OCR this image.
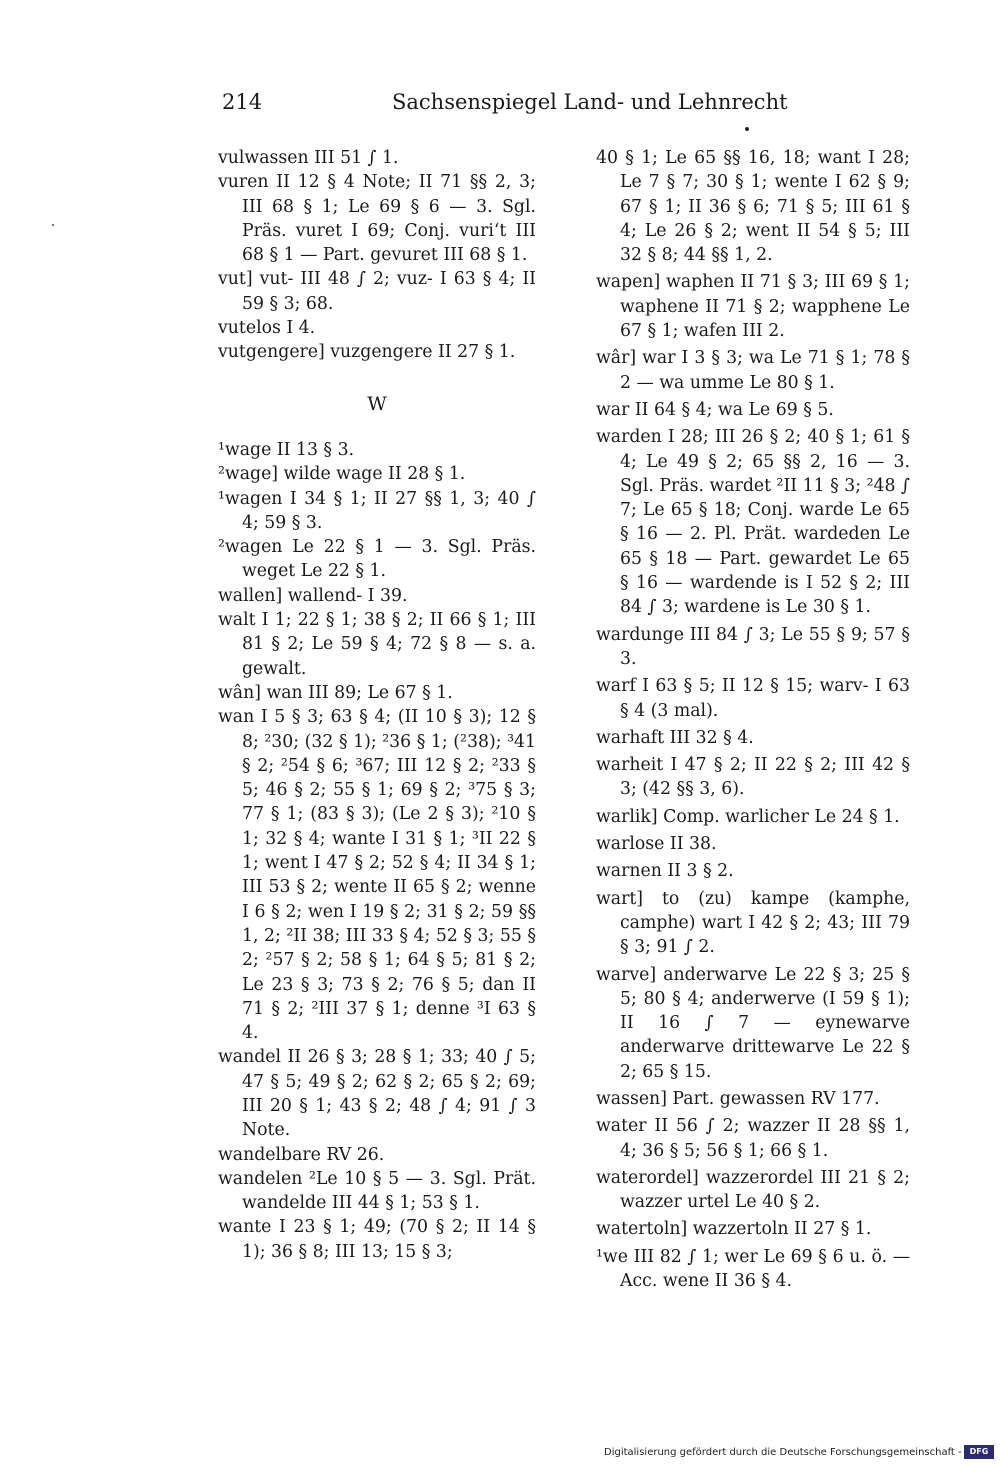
214	Sachsenspiegel Land- und Lehnrecht
vulwassen III 51 ∫ 1.
vuren II 12 § 4 Note; II 71 §§ 2, 3; III 68 § 1; Le 69 § 6 — 3. Sgl. Präs. vuret I 69; Conj. vuri‘t III 68 § 1 — Part. gevuret III 68 § 1.
vut] vut- III 48 ∫ 2; vuz- I 63 § 4; II 59 § 3; 68.
vutelos I 4.
vutgengere] vuzgengere II 27 § 1.
W
¹wage II 13 § 3.
²wage] wilde wage II 28 § 1.
¹wagen I 34 § 1; II 27 §§ 1, 3; 40 ∫ 4; 59 § 3.
²wagen Le 22 § 1 — 3. Sgl. Präs. weget Le 22 § 1.
wallen] wallend- I 39.
walt I 1; 22 § 1; 38 § 2; II 66 § 1; III 81 § 2; Le 59 § 4; 72 § 8 — s. a. gewalt.
wân] wan III 89; Le 67 § 1.
wan I 5 § 3; 63 § 4; (II 10 § 3); 12 § 8; ²30; (32 § 1); ²36 § 1; (²38); ³41 § 2; ²54 § 6; ³67; III 12 § 2; ²33 § 5; 46 § 2; 55 § 1; 69 § 2; ³75 § 3; 77 § 1; (83 § 3); (Le 2 § 3); ²10 § 1; 32 § 4; wante I 31 § 1; ³II 22 § 1; went I 47 § 2; 52 § 4; II 34 § 1; III 53 § 2; wente II 65 § 2; wenne I 6 § 2; wen I 19 § 2; 31 § 2; 59 §§ 1, 2; ²II 38; III 33 § 4; 52 § 3; 55 § 2; ²57 § 2; 58 § 1; 64 § 5; 81 § 2; Le 23 § 3; 73 § 2; 76 § 5; dan II 71 § 2; ²III 37 § 1; denne ³I 63 § 4.
wandel II 26 § 3; 28 § 1; 33; 40 ∫ 5; 47 § 5; 49 § 2; 62 § 2; 65 § 2; 69; III 20 § 1; 43 § 2; 48 ∫ 4; 91 ∫ 3 Note.
wandelbare RV 26.
wandelen ²Le 10 § 5 — 3. Sgl. Prät. wandelde III 44 § 1; 53 § 1.
wante I 23 § 1; 49; (70 § 2; II 14 § 1); 36 § 8; III 13; 15 § 3;
40 § 1; Le 65 §§ 16, 18; want I 28; Le 7 § 7; 30 § 1; wente I 62 § 9; 67 § 1; II 36 § 6; 71 § 5; III 61 § 4; Le 26 § 2; went II 54 § 5; III 32 § 8; 44 §§ 1, 2.
wapen] waphen II 71 § 3; III 69 § 1; waphene II 71 § 2; wapphene Le 67 § 1; wafen III 2.
wâr] war I 3 § 3; wa Le 71 § 1; 78 § 2 — wa umme Le 80 § 1.
war II 64 § 4; wa Le 69 § 5.
warden I 28; III 26 § 2; 40 § 1; 61 § 4; Le 49 § 2; 65 §§ 2, 16 — 3. Sgl. Präs. wardet ²II 11 § 3; ²48 ∫ 7; Le 65 § 18; Conj. warde Le 65 § 16 — 2. Pl. Prät. wardeden Le 65 § 18 — Part. gewardet Le 65 § 16 — wardende is I 52 § 2; III 84 ∫ 3; wardene is Le 30 § 1.
wardunge III 84 ∫ 3; Le 55 § 9; 57 § 3.
warf I 63 § 5; II 12 § 15; warv- I 63 § 4 (3 mal).
warhaft III 32 § 4.
warheit I 47 § 2; II 22 § 2; III 42 § 3; (42 §§ 3, 6).
warlik] Comp. warlicher Le 24 § 1.
warlose II 38.
warnen II 3 § 2.
wart] to (zu) kampe (kamphe, camphe) wart I 42 § 2; 43; III 79 § 3; 91 ∫ 2.
warve] anderwarve Le 22 § 3; 25 § 5; 80 § 4; anderwerve (I 59 § 1); II 16 ∫ 7 — eynewarve anderwarve drittewarve Le 22 § 2; 65 § 15.
wassen] Part. gewassen RV 177.
water II 56 ∫ 2; wazzer II 28 §§ 1, 4; 36 § 5; 56 § 1; 66 § 1.
waterordel] wazzerordel III 21 § 2; wazzer urtel Le 40 § 2.
watertoln] wazzertoln II 27 § 1.
¹we III 82 ∫ 1; wer Le 69 § 6 u. ö. — Acc. wene II 36 § 4.
Digitalisierung gefördert durch die Deutsche Forschungsgemeinschaft -	DFG
